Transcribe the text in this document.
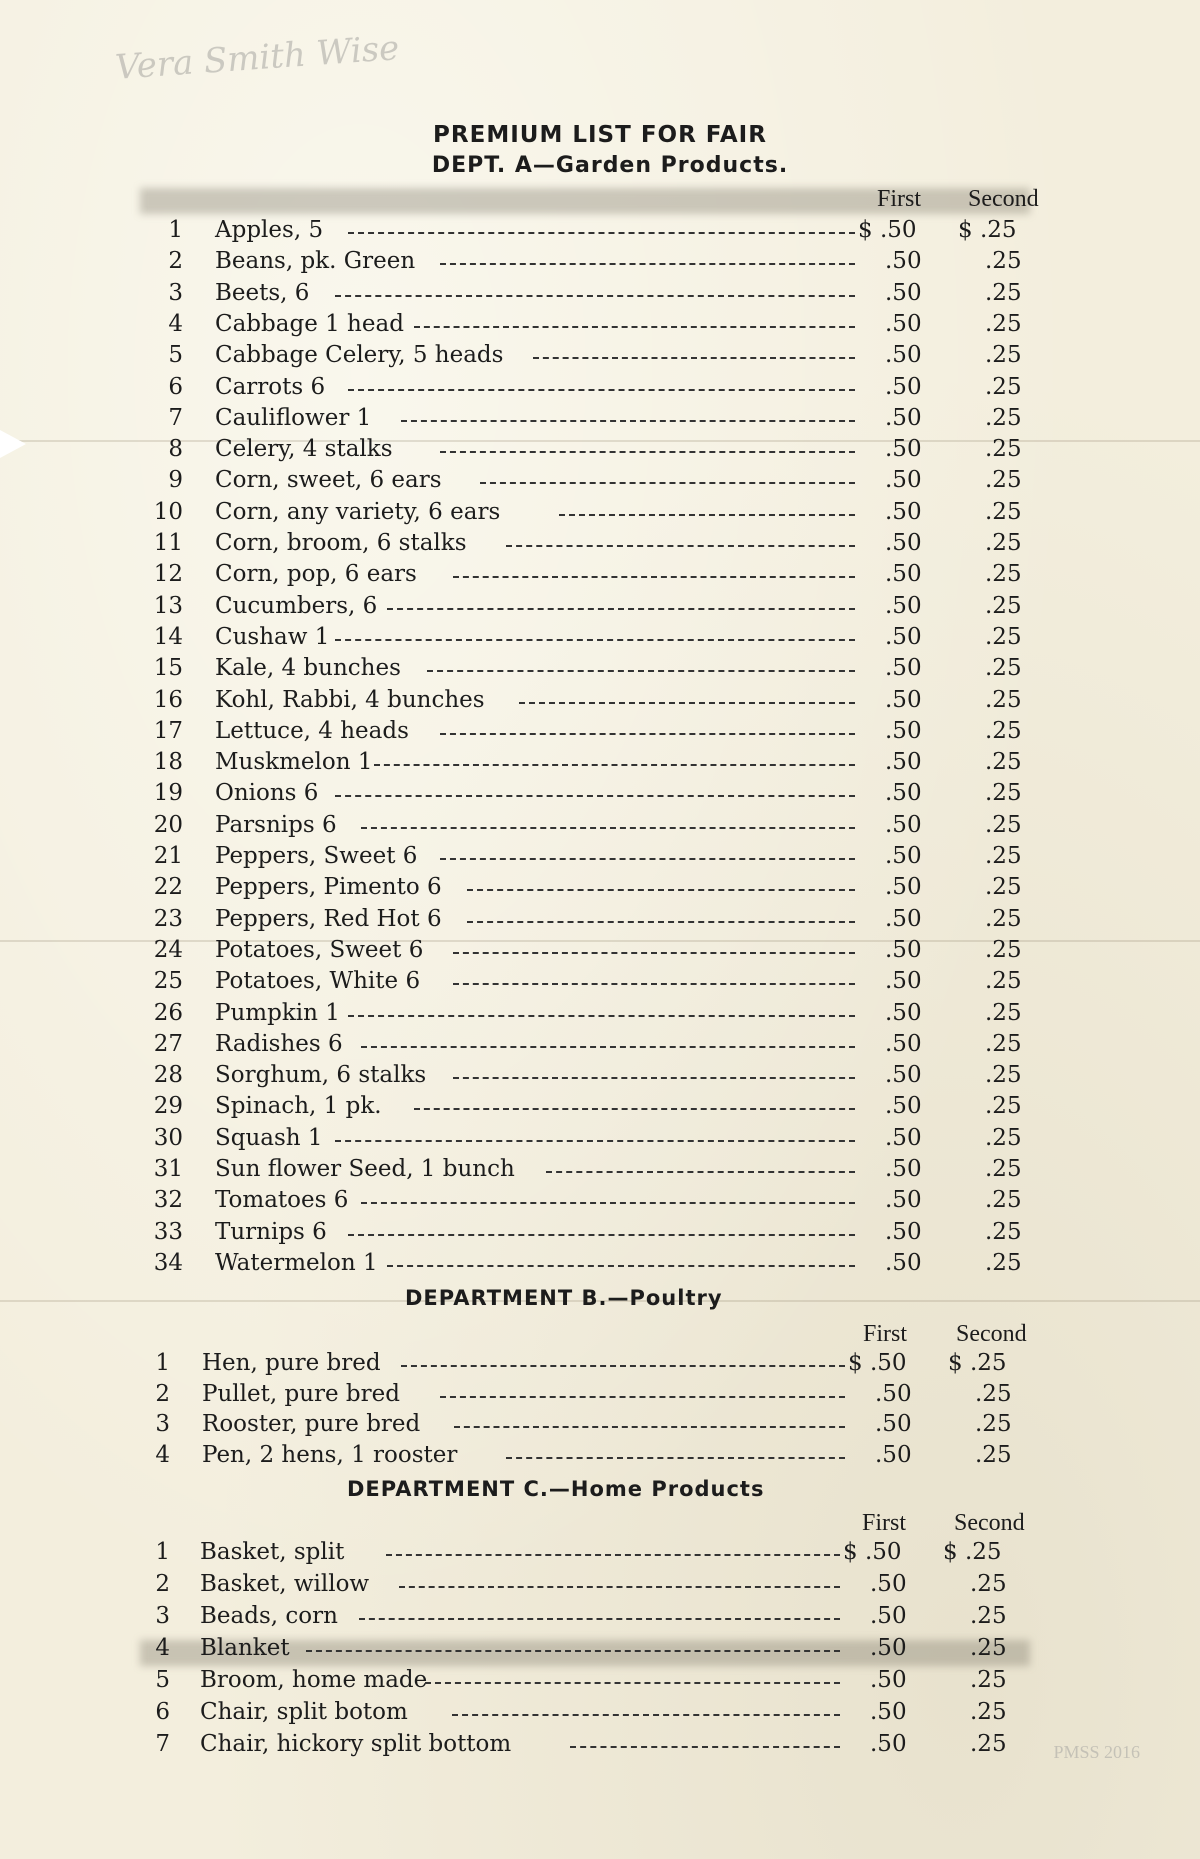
Vera Smith Wise
PREMIUM LIST FOR FAIR
DEPT. A—Garden Products.
First Second
1 Apples, 5	$ .50	$ .25
2 Beans, pk. Green	.50	.25
3 Beets, 6	.50	.25
4 Cabbage 1 head	.50	.25
5 Cabbage Celery, 5 heads	.50	.25
6 Carrots 6	.50	.25
7 Cauliflower 1	.50	.25
8 Celery, 4 stalks	.50	.25
9 Corn, sweet, 6 ears	.50	.25
10 Corn, any variety, 6 ears	.50	.25
11 Corn, broom, 6 stalks	.50	.25
12 Corn, pop, 6 ears	.50	.25
13 Cucumbers, 6	.50	.25
14 Cushaw 1	.50	.25
15 Kale, 4 bunches	.50	.25
16 Kohl, Rabbi, 4 bunches	.50	.25
17 Lettuce, 4 heads	.50	.25
18 Muskmelon 1	.50	.25
19 Onions 6	.50	.25
20 Parsnips 6	.50	.25
21 Peppers, Sweet 6	.50	.25
22 Peppers, Pimento 6	.50	.25
23 Peppers, Red Hot 6	.50	.25
24 Potatoes, Sweet 6	.50	.25
25 Potatoes, White 6	.50	.25
26 Pumpkin 1	.50	.25
27 Radishes 6	.50	.25
28 Sorghum, 6 stalks	.50	.25
29 Spinach, 1 pk.	.50	.25
30 Squash 1	.50	.25
31 Sun flower Seed, 1 bunch	.50	.25
32 Tomatoes 6	.50	.25
33 Turnips 6	.50	.25
34 Watermelon 1	.50	.25
DEPARTMENT B.—Poultry
First Second
1 Hen, pure bred	$ .50	$ .25
2 Pullet, pure bred	.50	.25
3 Rooster, pure bred	.50	.25
4 Pen, 2 hens, 1 rooster	.50	.25
DEPARTMENT C.—Home Products
First Second
1 Basket, split	$ .50	$ .25
2 Basket, willow	.50	.25
3 Beads, corn	.50	.25
4 Blanket	.50	.25
5 Broom, home made	.50	.25
6 Chair, split botom	.50	.25
7 Chair, hickory split bottom	.50	.25	PMSS 2016
